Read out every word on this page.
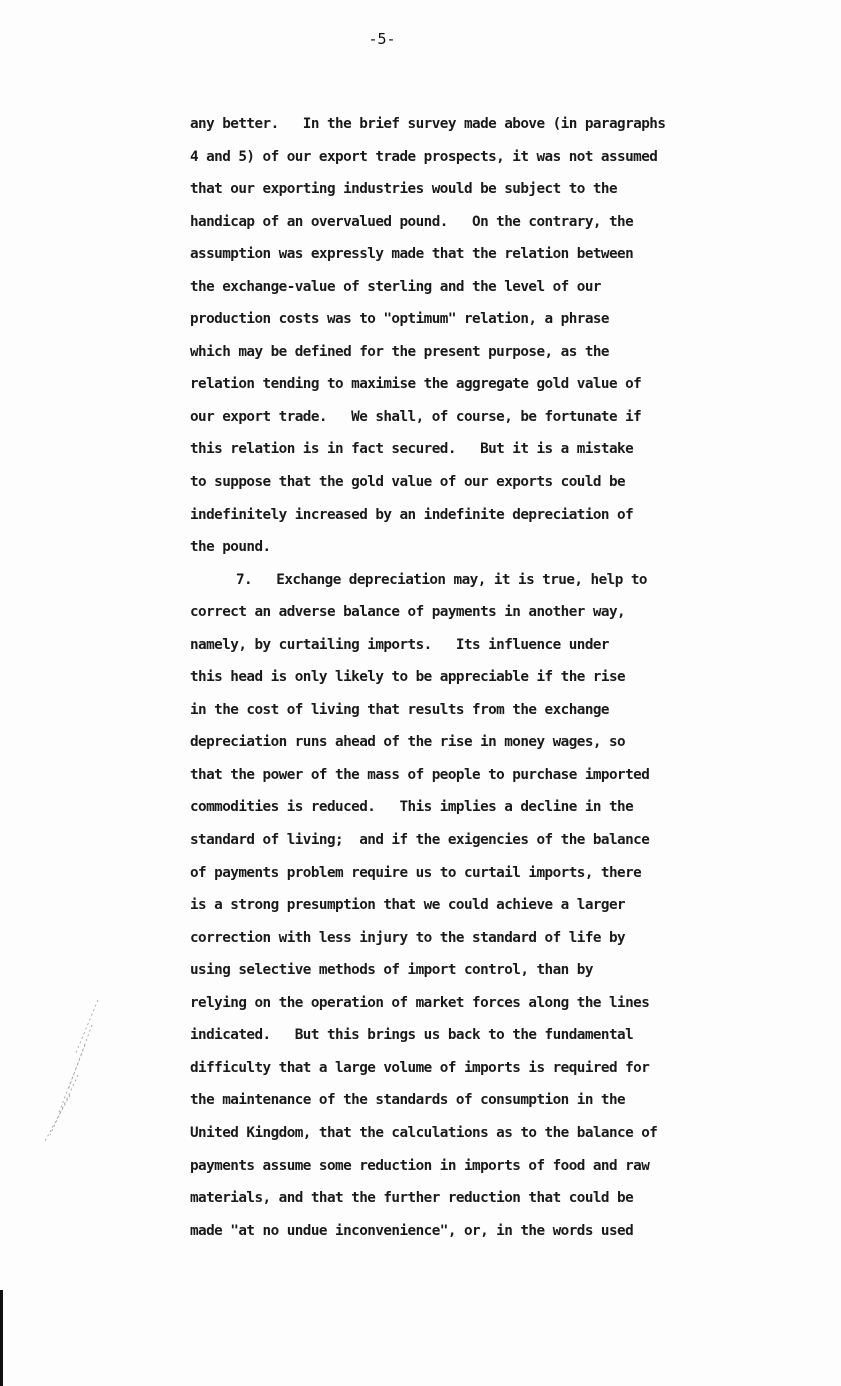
-5-
any better.   In the brief survey made above (in paragraphs
4 and 5) of our export trade prospects, it was not assumed
that our exporting industries would be subject to the
handicap of an overvalued pound.   On the contrary, the
assumption was expressly made that the relation between
the exchange-value of sterling and the level of our
production costs was to "optimum" relation, a phrase
which may be defined for the present purpose, as the
relation tending to maximise the aggregate gold value of
our export trade.   We shall, of course, be fortunate if
this relation is in fact secured.   But it is a mistake
to suppose that the gold value of our exports could be
indefinitely increased by an indefinite depreciation of
the pound.
7.   Exchange depreciation may, it is true, help to
correct an adverse balance of payments in another way,
namely, by curtailing imports.   Its influence under
this head is only likely to be appreciable if the rise
in the cost of living that results from the exchange
depreciation runs ahead of the rise in money wages, so
that the power of the mass of people to purchase imported
commodities is reduced.   This implies a decline in the
standard of living;  and if the exigencies of the balance
of payments problem require us to curtail imports, there
is a strong presumption that we could achieve a larger
correction with less injury to the standard of life by
using selective methods of import control, than by
relying on the operation of market forces along the lines
indicated.   But this brings us back to the fundamental
difficulty that a large volume of imports is required for
the maintenance of the standards of consumption in the
United Kingdom, that the calculations as to the balance of
payments assume some reduction in imports of food and raw
materials, and that the further reduction that could be
made "at no undue inconvenience", or, in the words used
